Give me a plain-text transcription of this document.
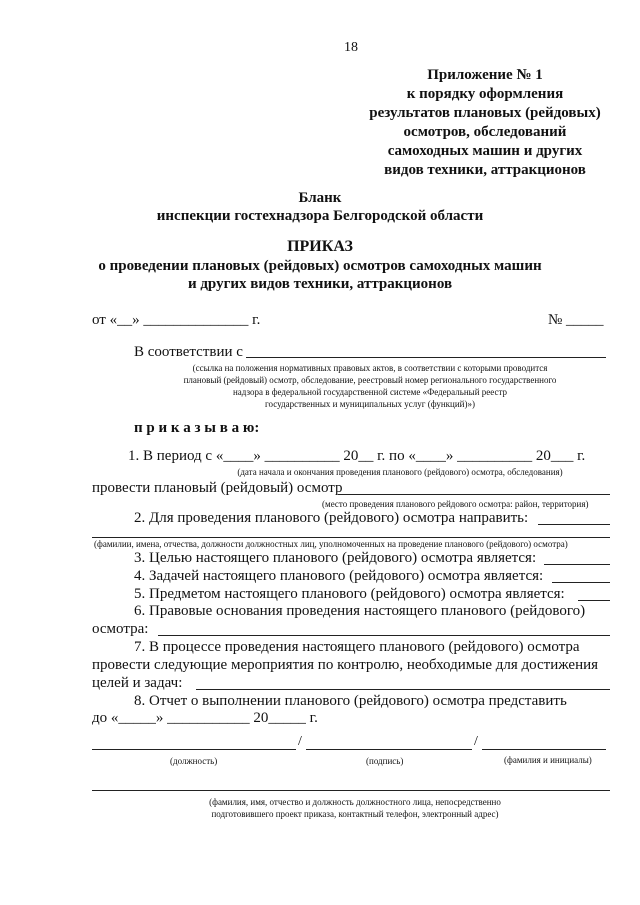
18
Приложение № 1
к порядку оформления
результатов плановых (рейдовых)
осмотров, обследований
самоходных машин и других
видов техники, аттракционов
Бланк
инспекции гостехнадзора Белгородской области
ПРИКАЗ
о проведении плановых (рейдовых) осмотров самоходных машин
и других видов техники, аттракционов
от «__» ______________ г.	№ _____
В соответствии с
(ссылка на положения нормативных правовых актов, в соответствии с которыми проводится
плановый (рейдовый) осмотр, обследование, реестровый номер регионального государственного
надзора в федеральной государственной системе «Федеральный реестр
государственных и муниципальных услуг (функций)»)
п р и к а з ы в а ю:
1. В период с «____» __________ 20__ г. по «____» __________ 20___ г.
(дата начала и окончания проведения планового (рейдового) осмотра, обследования)
провести плановый (рейдовый) осмотр
(место проведения планового рейдового осмотра: район, территория)
2. Для проведения планового (рейдового) осмотра направить:
(фамилии, имена, отчества, должности должностных лиц, уполномоченных на проведение планового (рейдового) осмотра)
3. Целью настоящего планового (рейдового) осмотра является:
4. Задачей настоящего планового (рейдового) осмотра является:
5. Предметом настоящего планового (рейдового) осмотра является:
6. Правовые основания проведения настоящего планового (рейдового)
осмотра:
7. В процессе проведения настоящего планового (рейдового) осмотра
провести следующие мероприятия по контролю, необходимые для достижения
целей и задач:
8. Отчет о выполнении планового (рейдового) осмотра представить
до «_____» ___________ 20_____ г.
/	/
(должность)	(подпись)	(фамилия и инициалы)
(фамилия, имя, отчество и должность должностного лица, непосредственно
подготовившего проект приказа, контактный телефон, электронный адрес)
